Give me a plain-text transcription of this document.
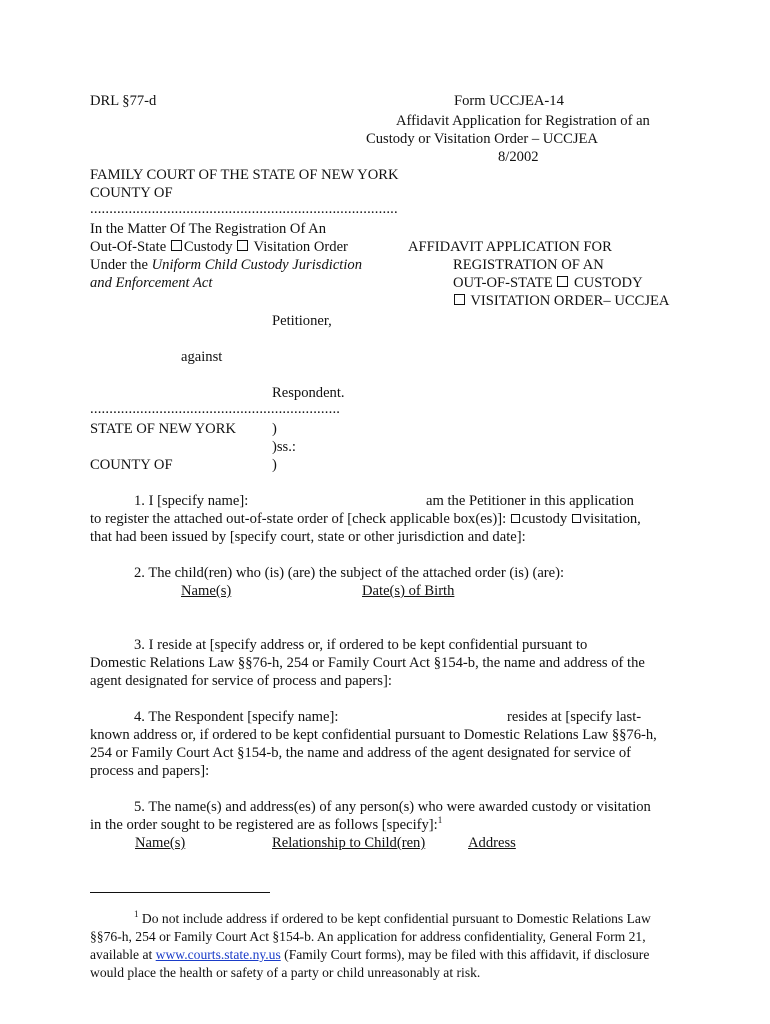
DRL §77-d	Form UCCJEA-14
Affidavit Application for Registration of an
Custody or Visitation Order – UCCJEA
8/2002
FAMILY COURT OF THE STATE OF NEW YORK
COUNTY OF
................................................................................
In the Matter Of The Registration Of An
Out-Of-State Custody  Visitation Order
Under the Uniform Child Custody Jurisdiction
and Enforcement Act
AFFIDAVIT APPLICATION FOR
REGISTRATION OF AN
OUT-OF-STATE  CUSTODY
VISITATION ORDER– UCCJEA
Petitioner,
against
Respondent.
.................................................................
STATE OF NEW YORK )
)ss.:
COUNTY OF	)
1. I [specify name]:	am the Petitioner in this application
to register the attached out-of-state order of [check applicable box(es)]: custody visitation,
that had been issued by [specify court, state or other jurisdiction and date]:
2. The child(ren) who (is) (are) the subject of the attached order (is) (are):
Name(s)	Date(s) of Birth
3. I reside at [specify address or, if ordered to be kept confidential pursuant to
Domestic Relations Law §§76-h, 254 or Family Court Act §154-b, the name and address of the
agent designated for service of process and papers]:
4. The Respondent [specify name]:	resides at [specify last-
known address or, if ordered to be kept confidential pursuant to Domestic Relations Law §§76-h,
254 or Family Court Act §154-b, the name and address of the agent designated for service of
process and papers]:
5. The name(s) and address(es) of any person(s) who were awarded custody or visitation
in the order sought to be registered are as follows [specify]:$^1$
Name(s)	Relationship to Child(ren)	Address
$^1$ Do not include address if ordered to be kept confidential pursuant to Domestic Relations Law
§§76-h, 254 or Family Court Act §154-b. An application for address confidentiality, General Form 21,
available at www.courts.state.ny.us (Family Court forms), may be filed with this affidavit, if disclosure
would place the health or safety of a party or child unreasonably at risk.
